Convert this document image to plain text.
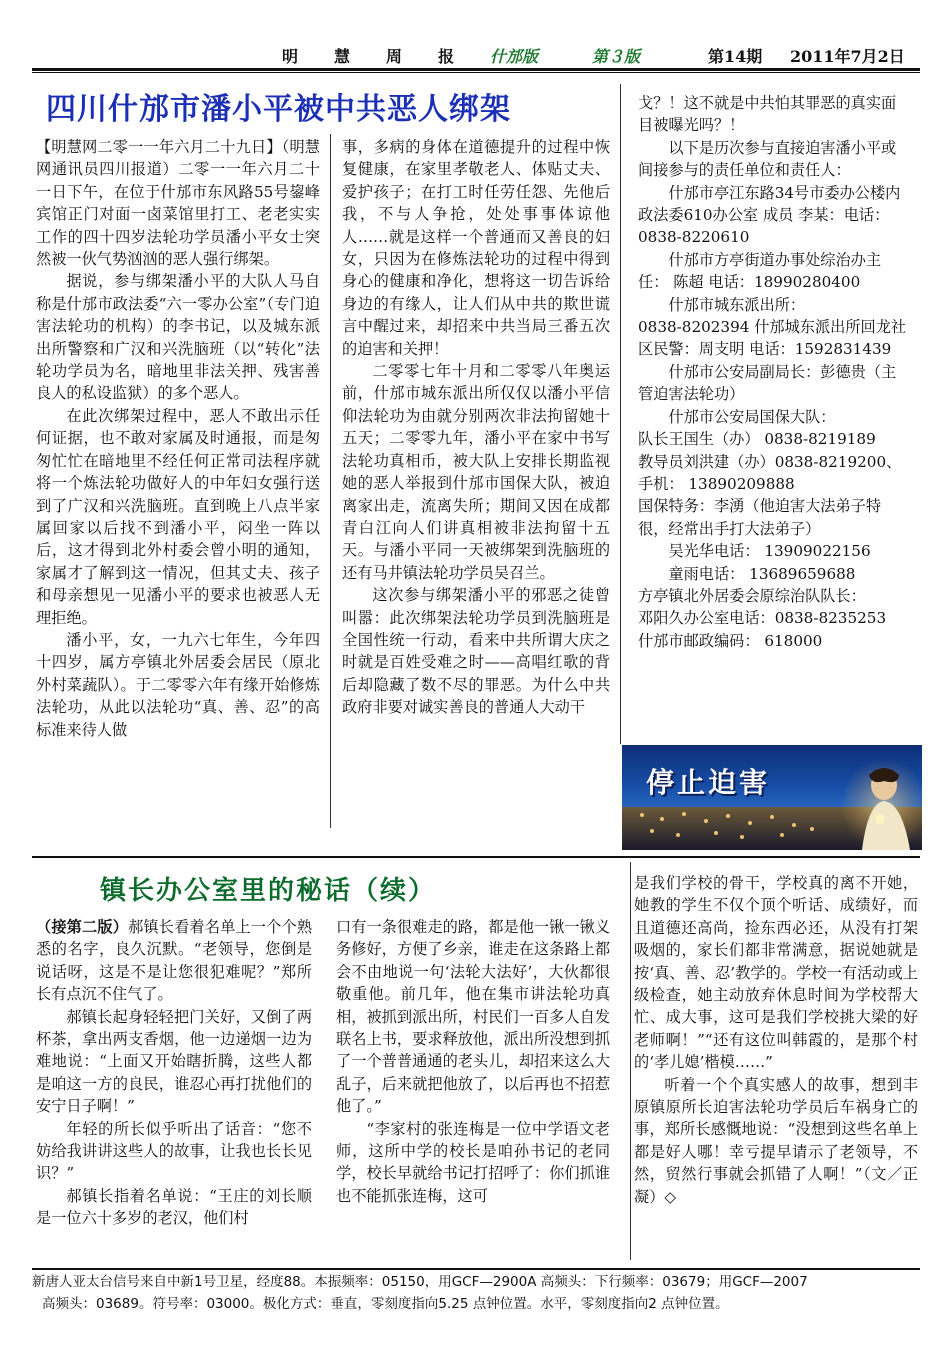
明　慧　周　报 什邡版	第３版	第14期 2011年7月2日
四川什邡市潘小平被中共恶人绑架

【明慧网二零一一年六月二十九日】（明慧网通讯员四川报道）二零一一年六月二十一日下午，在位于什邡市东风路55号鋆峰宾馆正门对面一卤菜馆里打工、老老实实工作的四十四岁法轮功学员潘小平女士突然被一伙气势汹汹的恶人强行绑架。

据说，参与绑架潘小平的大队人马自称是什邡市政法委“六一零办公室”（专门迫害法轮功的机构）的李书记，以及城东派出所警察和广汉和兴洗脑班（以“转化”法轮功学员为名，暗地里非法关押、残害善良人的私设监狱）的多个恶人。

在此次绑架过程中，恶人不敢出示任何证据，也不敢对家属及时通报，而是匆匆忙忙在暗地里不经任何正常司法程序就将一个炼法轮功做好人的中年妇女强行送到了广汉和兴洗脑班。直到晚上八点半家属回家以后找不到潘小平，闷坐一阵以后，这才得到北外村委会曾小明的通知，家属才了解到这一情况，但其丈夫、孩子和母亲想见一见潘小平的要求也被恶人无理拒绝。

潘小平，女，一九六七年生，今年四十四岁，属方亭镇北外居委会居民（原北外村菜蔬队）。于二零零六年有缘开始修炼法轮功，从此以法轮功“真、善、忍”的高标准来待人做

事，多病的身体在道德提升的过程中恢复健康，在家里孝敬老人、体贴丈夫、爱护孩子；在打工时任劳任怨、先他后我，不与人争抢，处处事事体谅他人……就是这样一个普通而又善良的妇女，只因为在修炼法轮功的过程中得到身心的健康和净化，想将这一切告诉给身边的有缘人，让人们从中共的欺世谎言中醒过来，却招来中共当局三番五次的迫害和关押！

二零零七年十月和二零零八年奥运前，什邡市城东派出所仅仅以潘小平信仰法轮功为由就分别两次非法拘留她十五天；二零零九年，潘小平在家中书写法轮功真相币，被大队上安排长期监视她的恶人举报到什邡市国保大队，被迫离家出走，流离失所；期间又因在成都青白江向人们讲真相被非法拘留十五天。与潘小平同一天被绑架到洗脑班的还有马井镇法轮功学员吴召兰。

这次参与绑架潘小平的邪恶之徒曾叫嚣：此次绑架法轮功学员到洗脑班是全国性统一行动，看来中共所谓大庆之时就是百姓受难之时——高唱红歌的背后却隐藏了数不尽的罪恶。为什么中共政府非要对诚实善良的普通人大动干

戈？！这不就是中共怕其罪恶的真实面目被曝光吗？！

以下是历次参与直接迫害潘小平或间接参与的责任单位和责任人：

什邡市亭江东路34号市委办公楼内政法委610办公室 成员 李某：电话： 0838-8220610

什邡市方亭街道办事处综治办主任： 陈超 电话：18990280400

什邡市城东派出所：

0838-8202394 什邡城东派出所回龙社区民警：周支明 电话：1592831439

什邡市公安局副局长：彭德贵（主管迫害法轮功）

什邡市公安局国保大队：

队长王国生（办） 0838-8219189

教导员刘洪建（办）0838-8219200、

手机： 13890209888

国保特务：李湧（他迫害大法弟子特很，经常出手打大法弟子）

吴光华电话： 13909022156

童雨电话： 13689659688

方亭镇北外居委会原综治队队长：

邓阳久办公室电话：0838-8235253

什邡市邮政编码： 618000

停止迫害
镇长办公室里的秘话（续）

（接第二版）郝镇长看着名单上一个个熟悉的名字，良久沉默。“老领导，您倒是说话呀，这是不是让您很犯难呢？”郑所长有点沉不住气了。

郝镇长起身轻轻把门关好，又倒了两杯茶，拿出两支香烟，他一边递烟一边为难地说：“上面又开始瞎折腾，这些人都是咱这一方的良民，谁忍心再打扰他们的安宁日子啊！”

年轻的所长似乎听出了话音：“您不妨给我讲讲这些人的故事，让我也长长见识？”

郝镇长指着名单说：“王庄的刘长顺是一位六十多岁的老汉，他们村

口有一条很难走的路，都是他一锹一锹义务修好，方便了乡亲，谁走在这条路上都会不由地说一句‘法轮大法好’，大伙都很敬重他。前几年，他在集市讲法轮功真相，被抓到派出所，村民们一百多人自发联名上书，要求释放他，派出所没想到抓了一个普普通通的老头儿，却招来这么大乱子，后来就把他放了，以后再也不招惹他了。”

“李家村的张连梅是一位中学语文老师，这所中学的校长是咱孙书记的老同学，校长早就给书记打招呼了：你们抓谁也不能抓张连梅，这可

是我们学校的骨干，学校真的离不开她，她教的学生不仅个顶个听话、成绩好，而且道德还高尚，捡东西必还，从没有打架吸烟的，家长们都非常满意，据说她就是按‘真、善、忍’教学的。学校一有活动或上级检查，她主动放弃休息时间为学校帮大忙、成大事，这可是我们学校挑大梁的好老师啊！”“还有这位叫韩霞的，是那个村的‘孝儿媳’楷模……”

听着一个个真实感人的故事，想到丰原镇原所长迫害法轮功学员后车祸身亡的事，郑所长感慨地说：“没想到这些名单上都是好人哪！幸亏提早请示了老领导，不然，贸然行事就会抓错了人啊！”（文／正凝）◇

新唐人亚太台信号来自中新1号卫星，经度88。本振频率：05150，用GCF—2900A 高频头：下行频率：03679；用GCF—2007
高频头：03689。符号率：03000。极化方式：垂直，零刻度指向5.25 点钟位置。水平，零刻度指向2 点钟位置。
